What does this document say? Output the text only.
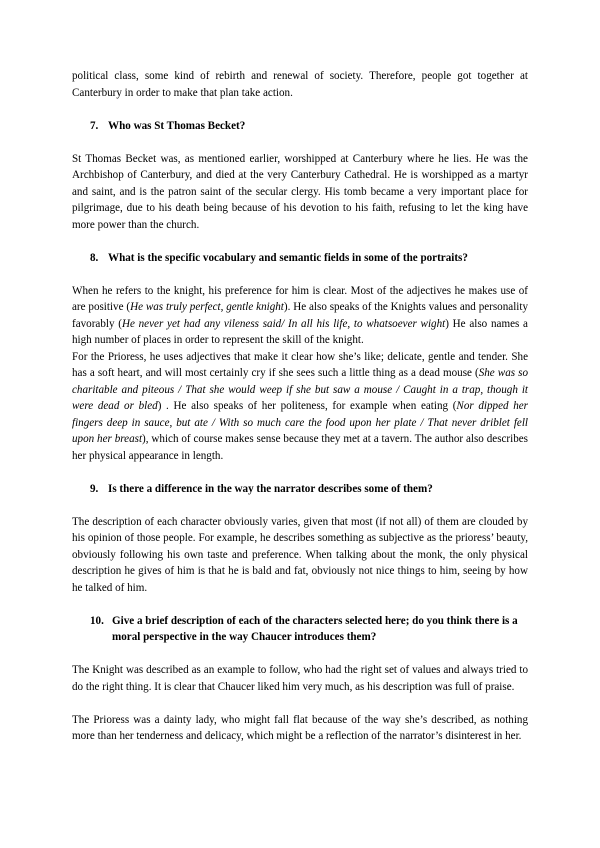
political class, some kind of rebirth and renewal of society. Therefore, people got together at Canterbury in order to make that plan take action.

7. Who was St Thomas Becket?

St Thomas Becket was, as mentioned earlier, worshipped at Canterbury where he lies. He was the Archbishop of Canterbury, and died at the very Canterbury Cathedral. He is worshipped as a martyr and saint, and is the patron saint of the secular clergy. His tomb became a very important place for pilgrimage, due to his death being because of his devotion to his faith, refusing to let the king have more power than the church.

8. What is the specific vocabulary and semantic fields in some of the portraits?

When he refers to the knight, his preference for him is clear. Most of the adjectives he makes use of are positive (He was truly perfect, gentle knight). He also speaks of the Knights values and personality favorably (He never yet had any vileness said/ In all his life, to whatsoever wight) He also names a high number of places in order to represent the skill of the knight.

For the Prioress, he uses adjectives that make it clear how she’s like; delicate, gentle and tender. She has a soft heart, and will most certainly cry if she sees such a little thing as a dead mouse (She was so charitable and piteous / That she would weep if she but saw a mouse / Caught in a trap, though it were dead or bled) . He also speaks of her politeness, for example when eating (Nor dipped her fingers deep in sauce, but ate / With so much care the food upon her plate / That never driblet fell upon her breast), which of course makes sense because they met at a tavern. The author also describes her physical appearance in length.

9. Is there a difference in the way the narrator describes some of them?

The description of each character obviously varies, given that most (if not all) of them are clouded by his opinion of those people. For example, he describes something as subjective as the prioress’ beauty, obviously following his own taste and preference. When talking about the monk, the only physical description he gives of him is that he is bald and fat, obviously not nice things to him, seeing by how he talked of him.

10. Give a brief description of each of the characters selected here; do you think there is a moral perspective in the way Chaucer introduces them?

The Knight was described as an example to follow, who had the right set of values and always tried to do the right thing. It is clear that Chaucer liked him very much, as his description was full of praise.

The Prioress was a dainty lady, who might fall flat because of the way she’s described, as nothing more than her tenderness and delicacy, which might be a reflection of the narrator’s disinterest in her.
